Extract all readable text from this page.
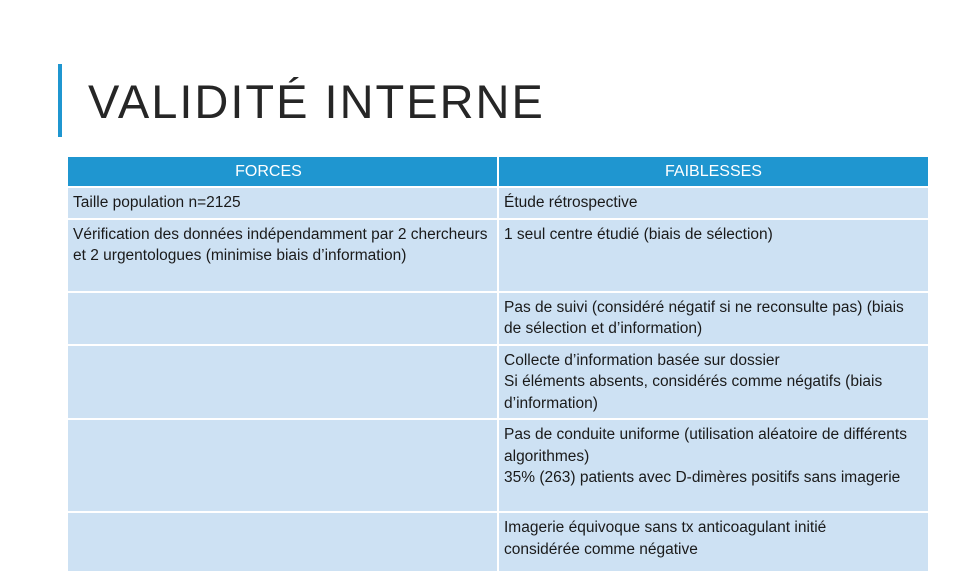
VALIDITÉ INTERNE
FORCES	FAIBLESSES
Taille population n=2125	Étude rétrospective
Vérification des données indépendamment par 2 chercheurs et 2 urgentologues (minimise biais d’information)	1 seul centre étudié (biais de sélection)
	Pas de suivi (considéré négatif si ne reconsulte pas) (biais de sélection et d’information)
	Collecte d’information basée sur dossier
Si éléments absents, considérés comme négatifs (biais d’information)
	Pas de conduite uniforme (utilisation aléatoire de différents algorithmes)
35% (263) patients avec D-dimères positifs sans imagerie
	Imagerie équivoque sans tx anticoagulant initié
considérée comme négative
